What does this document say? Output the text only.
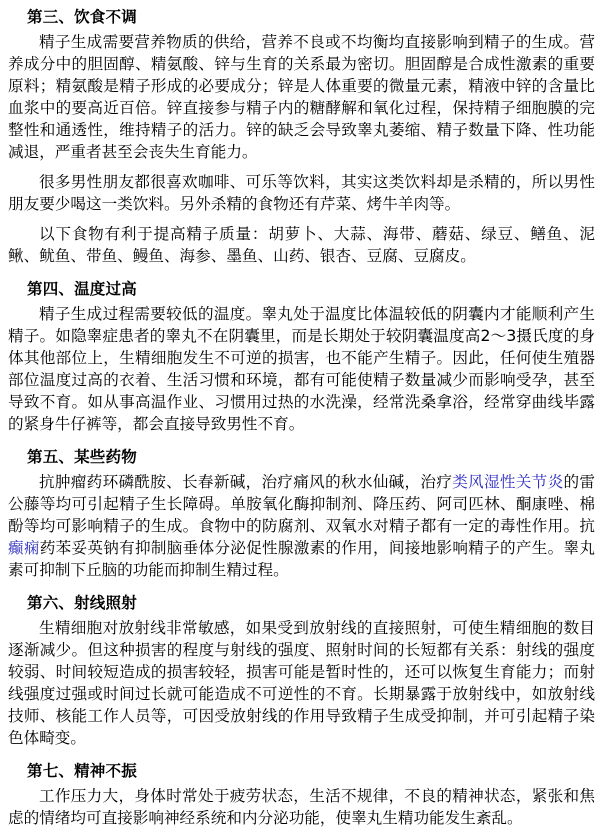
第三、饮食不调

精子生成需要营养物质的供给，营养不良或不均衡均直接影响到精子的生成。营养成分中的胆固醇、精氨酸、锌与生育的关系最为密切。胆固醇是合成性激素的重要原料；精氨酸是精子形成的必要成分；锌是人体重要的微量元素，精液中锌的含量比血浆中的要高近百倍。锌直接参与精子内的糖酵解和氧化过程，保持精子细胞膜的完整性和通透性，维持精子的活力。锌的缺乏会导致睾丸萎缩、精子数量下降、性功能减退，严重者甚至会丧失生育能力。

很多男性朋友都很喜欢咖啡、可乐等饮料，其实这类饮料却是杀精的，所以男性朋友要少喝这一类饮料。另外杀精的食物还有芹菜、烤牛羊肉等。

以下食物有利于提高精子质量：胡萝卜、大蒜、海带、蘑菇、绿豆、鳝鱼、泥鳅、鱿鱼、带鱼、鳗鱼、海参、墨鱼、山药、银杏、豆腐、豆腐皮。

第四、温度过高

精子生成过程需要较低的温度。睾丸处于温度比体温较低的阴囊内才能顺利产生精子。如隐睾症患者的睾丸不在阴囊里，而是长期处于较阴囊温度高2～3摄氏度的身体其他部位上，生精细胞发生不可逆的损害，也不能产生精子。因此，任何使生殖器部位温度过高的衣着、生活习惯和环境，都有可能使精子数量减少而影响受孕，甚至导致不育。如从事高温作业、习惯用过热的水洗澡，经常洗桑拿浴，经常穿曲线毕露的紧身牛仔裤等，都会直接导致男性不育。

第五、某些药物

抗肿瘤药环磷酰胺、长春新碱，治疗痛风的秋水仙碱，治疗类风湿性关节炎的雷公藤等均可引起精子生长障碍。单胺氧化酶抑制剂、降压药、阿司匹林、酮康唑、棉酚等均可影响精子的生成。食物中的防腐剂、双氧水对精子都有一定的毒性作用。抗癫痫药苯妥英钠有抑制脑垂体分泌促性腺激素的作用，间接地影响精子的产生。睾丸素可抑制下丘脑的功能而抑制生精过程。

第六、射线照射

生精细胞对放射线非常敏感，如果受到放射线的直接照射，可使生精细胞的数目逐渐减少。但这种损害的程度与射线的强度、照射时间的长短都有关系：射线的强度较弱、时间较短造成的损害较轻，损害可能是暂时性的，还可以恢复生育能力；而射线强度过强或时间过长就可能造成不可逆性的不育。长期暴露于放射线中，如放射线技师、核能工作人员等，可因受放射线的作用导致精子生成受抑制，并可引起精子染色体畸变。

第七、精神不振

工作压力大，身体时常处于疲劳状态，生活不规律，不良的精神状态，紧张和焦虑的情绪均可直接影响神经系统和内分泌功能，使睾丸生精功能发生紊乱。
